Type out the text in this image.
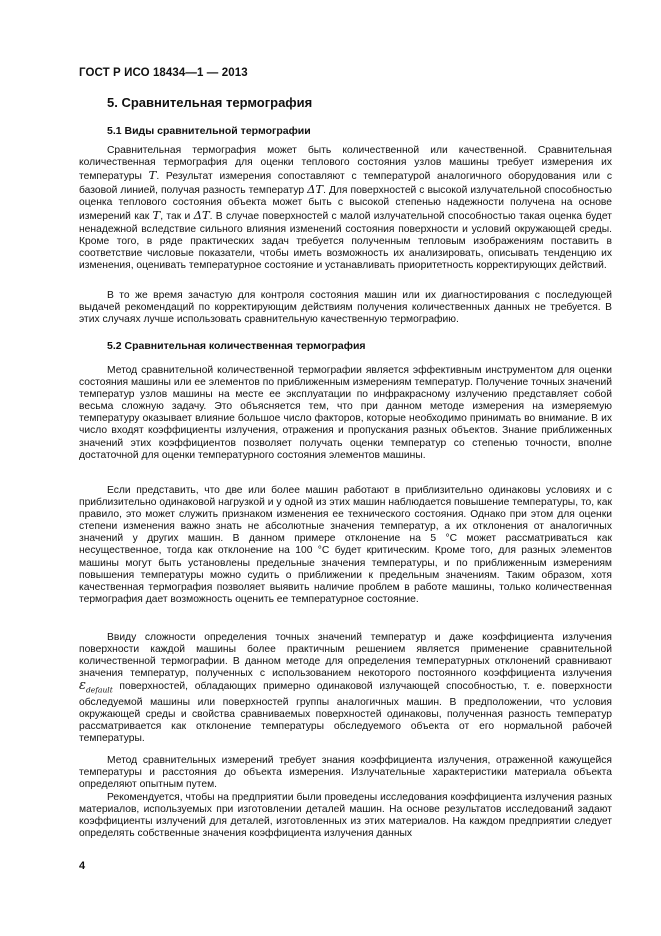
ГОСТ Р ИСО 18434—1 — 2013
5. Сравнительная термография
5.1 Виды сравнительной термографии

Сравнительная термография может быть количественной или качественной. Сравнительная количественная термография для оценки теплового состояния узлов машины требует измерения их температуры T. Результат измерения сопоставляют с температурой аналогичного оборудования или с базовой линией, получая разность температур ΔT. Для поверхностей с высокой излучательной способностью оценка теплового состояния объекта может быть с высокой степенью надежности получена на основе измерений как T, так и ΔT. В случае поверхностей с малой излучательной способностью такая оценка будет ненадежной вследствие сильного влияния изменений состояния поверхности и условий окружающей среды. Кроме того, в ряде практических задач требуется полученным тепловым изображениям поставить в соответствие числовые показатели, чтобы иметь возможность их анализировать, описывать тенденцию их изменения, оценивать температурное состояние и устанавливать приоритетность корректирующих действий.

В то же время зачастую для контроля состояния машин или их диагностирования с последующей выдачей рекомендаций по корректирующим действиям получения количественных данных не требуется. В этих случаях лучше использовать сравнительную качественную термографию.

5.2 Сравнительная количественная термография

Метод сравнительной количественной термографии является эффективным инструментом для оценки состояния машины или ее элементов по приближенным измерениям температур. Получение точных значений температур узлов машины на месте ее эксплуатации по инфракрасному излучению представляет собой весьма сложную задачу. Это объясняется тем, что при данном методе измерения на измеряемую температуру оказывает влияние большое число факторов, которые необходимо принимать во внимание. В их число входят коэффициенты излучения, отражения и пропускания разных объектов. Знание приближенных значений этих коэффициентов позволяет получать оценки температур со степенью точности, вполне достаточной для оценки температурного состояния элементов машины.

Если представить, что две или более машин работают в приблизительно одинаковы условиях и с приблизительно одинаковой нагрузкой и у одной из этих машин наблюдается повышение температуры, то, как правило, это может служить признаком изменения ее технического состояния. Однако при этом для оценки степени изменения важно знать не абсолютные значения температур, а их отклонения от аналогичных значений у других машин. В данном примере отклонение на 5 °С может рассматриваться как несущественное, тогда как отклонение на 100 °С будет критическим. Кроме того, для разных элементов машины могут быть установлены предельные значения температуры, и по приближенным измерениям повышения температуры можно судить о приближении к предельным значениям. Таким образом, хотя качественная термография позволяет выявить наличие проблем в работе машины, только количественная термография дает возможность оценить ее температурное состояние.

Ввиду сложности определения точных значений температур и даже коэффициента излучения поверхности каждой машины более практичным решением является применение сравнительной количественной термографии. В данном методе для определения температурных отклонений сравнивают значения температур, полученных с использованием некоторого постоянного коэффициента излучения $\varepsilon_{default}$ поверхностей, обладающих примерно одинаковой излучающей способностью, т. е. поверхности обследуемой машины или поверхностей группы аналогичных машин. В предположении, что условия окружающей среды и свойства сравниваемых поверхностей одинаковы, полученная разность температур рассматривается как отклонение температуры обследуемого объекта от его нормальной рабочей температуры.

Метод сравнительных измерений требует знания коэффициента излучения, отраженной кажущейся температуры и расстояния до объекта измерения. Излучательные характеристики материала объекта определяют опытным путем.

Рекомендуется, чтобы на предприятии были проведены исследования коэффициента излучения разных материалов, используемых при изготовлении деталей машин. На основе результатов исследований задают коэффициенты излучений для деталей, изготовленных из этих материалов. На каждом предприятии следует определять собственные значения коэффициента излучения данных

4
